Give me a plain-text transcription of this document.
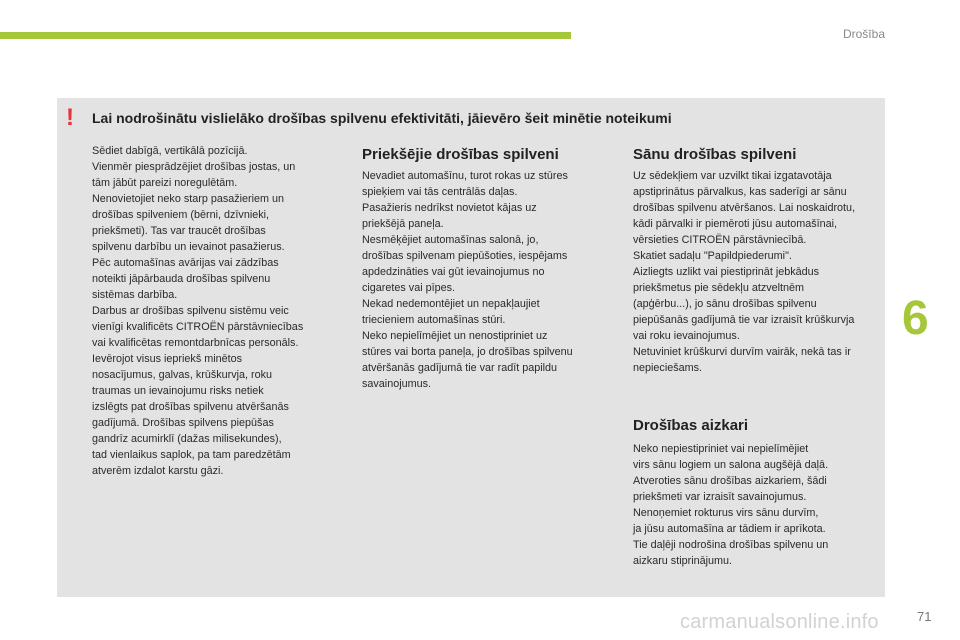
Drošība
6
! Lai nodrošinātu vislielāko drošības spilvenu efektivitāti, jāievēro šeit minētie noteikumi
Sēdiet dabīgā, vertikālā pozīcijā.
Vienmēr piesprādzējiet drošības jostas, un
tām jābūt pareizi noregulētām.
Nenovietojiet neko starp pasažieriem un
drošības spilveniem (bērni, dzīvnieki,
priekšmeti). Tas var traucēt drošības
spilvenu darbību un ievainot pasažierus.
Pēc automašīnas avārijas vai zādzības
noteikti jāpārbauda drošības spilvenu
sistēmas darbība.
Darbus ar drošības spilvenu sistēmu veic
vienīgi kvalificēts CITROËN pārstāvniecības
vai kvalificētas remontdarbnīcas personāls.
Ievērojot visus iepriekš minētos
nosacījumus, galvas, krūškurvja, roku
traumas un ievainojumu risks netiek
izslēgts pat drošības spilvenu atvēršanās
gadījumā. Drošības spilvens piepūšas
gandrīz acumirklī (dažas milisekundes),
tad vienlaikus saplok, pa tam paredzētām
atverēm izdalot karstu gāzi.
Priekšējie drošības spilveni
Nevadiet automašīnu, turot rokas uz stūres
spieķiem vai tās centrālās daļas.
Pasažieris nedrīkst novietot kājas uz
priekšējā paneļa.
Nesmēķējiet automašīnas salonā, jo,
drošības spilvenam piepūšoties, iespējams
apdedzināties vai gūt ievainojumus no
cigaretes vai pīpes.
Nekad nedemontējiet un nepakļaujiet
triecieniem automašīnas stūri.
Neko nepielīmējiet un nenostipriniet uz
stūres vai borta paneļa, jo drošības spilvenu
atvēršanās gadījumā tie var radīt papildu
savainojumus.
Sānu drošības spilveni
Uz sēdekļiem var uzvilkt tikai izgatavotāja
apstiprinātus pārvalkus, kas saderīgi ar sānu
drošības spilvenu atvēršanos. Lai noskaidrotu,
kādi pārvalki ir piemēroti jūsu automašīnai,
vērsieties CITROËN pārstāvniecībā.
Skatiet sadaļu "Papildpiederumi".
Aizliegts uzlikt vai piestiprināt jebkādus
priekšmetus pie sēdekļu atzveltnēm
(apģērbu...), jo sānu drošības spilvenu
piepūšanās gadījumā tie var izraisīt krūškurvja
vai roku ievainojumus.
Netuviniet krūškurvi durvīm vairāk, nekā tas ir
nepieciešams.
Drošības aizkari
Neko nepiestipriniet vai nepielīmējiet
virs sānu logiem un salona augšējā daļā.
Atveroties sānu drošības aizkariem, šādi
priekšmeti var izraisīt savainojumus.
Nenoņemiet rokturus virs sānu durvīm,
ja jūsu automašīna ar tādiem ir aprīkota.
Tie daļēji nodrošina drošības spilvenu un
aizkaru stiprinājumu.
carmanualsonline.info	71
